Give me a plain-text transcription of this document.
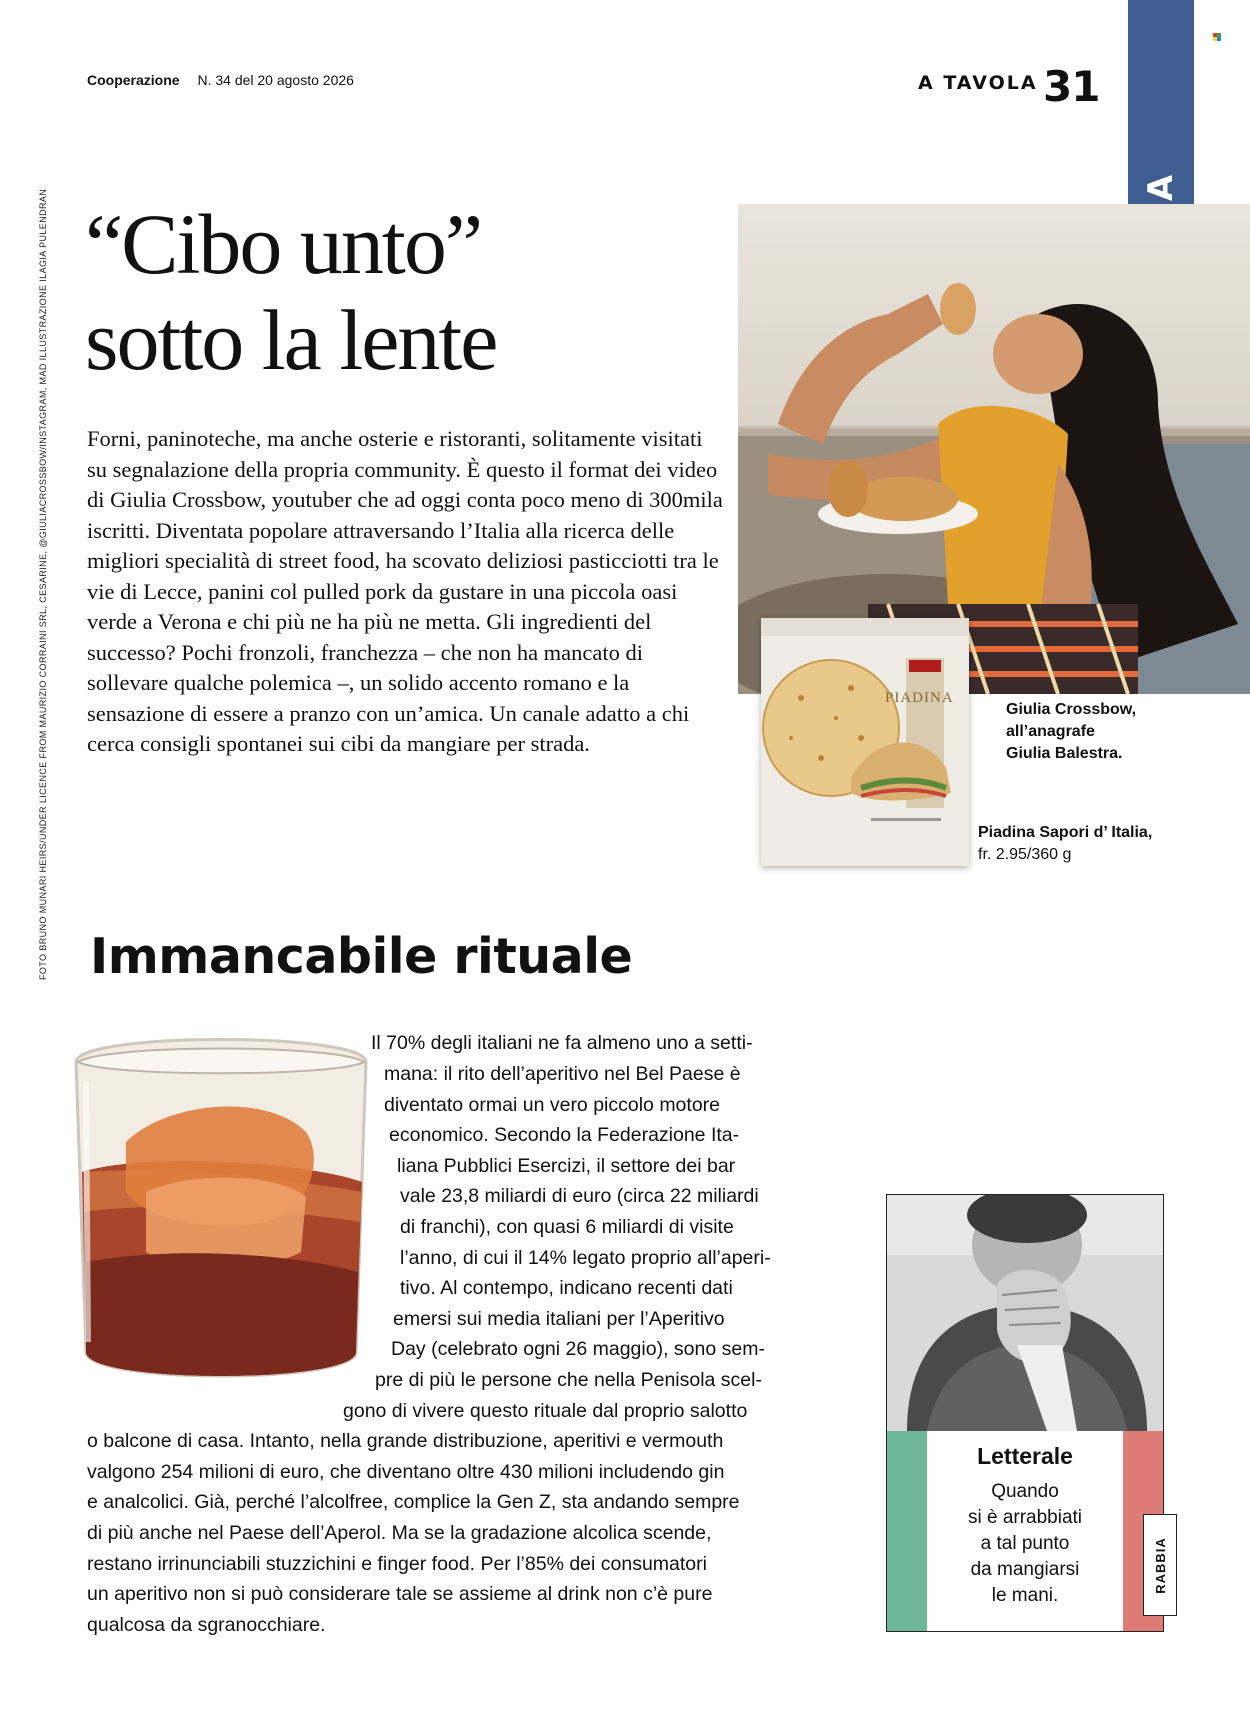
Cooperazione N. 34 del 20 agosto 2026	A TAVOLA 31
FOTO BRUNO MUNARI HEIRS/UNDER LICENCE FROM MAURIZIO CORRAINI SRL, CESARINE, @GIULIACROSSBOW/INSTAGRAM, MAD ILLUSTRAZIONE ILAGIA PULENDRAN “Cibo unto”
sotto la lente
Forni, paninoteche, ma anche osterie e ristoranti, solitamente visitati su segnalazione della propria community. È questo il format dei video di Giulia Crossbow, youtuber che ad oggi conta poco meno di 300mila iscritti. Diventata popolare attraversando l’Italia alla ricerca delle migliori specialità di street food, ha scovato deliziosi pasticciotti tra le vie di Lecce, panini col pulled pork da gustare in una piccola oasi verde a Verona e chi più ne ha più ne metta. Gli ingredienti del successo? Pochi fronzoli, franchezza – che non ha mancato di sollevare qualche polemica –, un solido accento romano e la sensazione di essere a pranzo con un’amica. Un canale adatto a chi cerca consigli spontanei sui cibi da mangiare per strada.
PIADINA
Giulia Crossbow,
all’anagrafe
Giulia Balestra.
Piadina Sapori d’ Italia,
fr. 2.95/360 g
Immancabile rituale
Il 70% degli italiani ne fa almeno uno a setti-
mana: il rito dell’aperitivo nel Bel Paese è
diventato ormai un vero piccolo motore
economico. Secondo la Federazione Ita-
liana Pubblici Esercizi, il settore dei bar
vale 23,8 miliardi di euro (circa 22 miliardi
di franchi), con quasi 6 miliardi di visite
l’anno, di cui il 14% legato proprio all’aperi-
tivo. Al contempo, indicano recenti dati
emersi sui media italiani per l’Aperitivo
Day (celebrato ogni 26 maggio), sono sem-
pre di più le persone che nella Penisola scel-
gono di vivere questo rituale dal proprio salotto
o balcone di casa. Intanto, nella grande distribuzione, aperitivi e vermouth
valgono 254 milioni di euro, che diventano oltre 430 milioni includendo gin
e analcolici. Già, perché l’alcolfree, complice la Gen Z, sta andando sempre
di più anche nel Paese dell’Aperol. Ma se la gradazione alcolica scende,
restano irrinunciabili stuzzichini e finger food. Per l’85% dei consumatori
un aperitivo non si può considerare tale se assieme al drink non c’è pure
qualcosa da sgranocchiare.
Letterale
Quando
si è arrabbiati
a tal punto
da mangiarsi
le mani.
RABBIA
